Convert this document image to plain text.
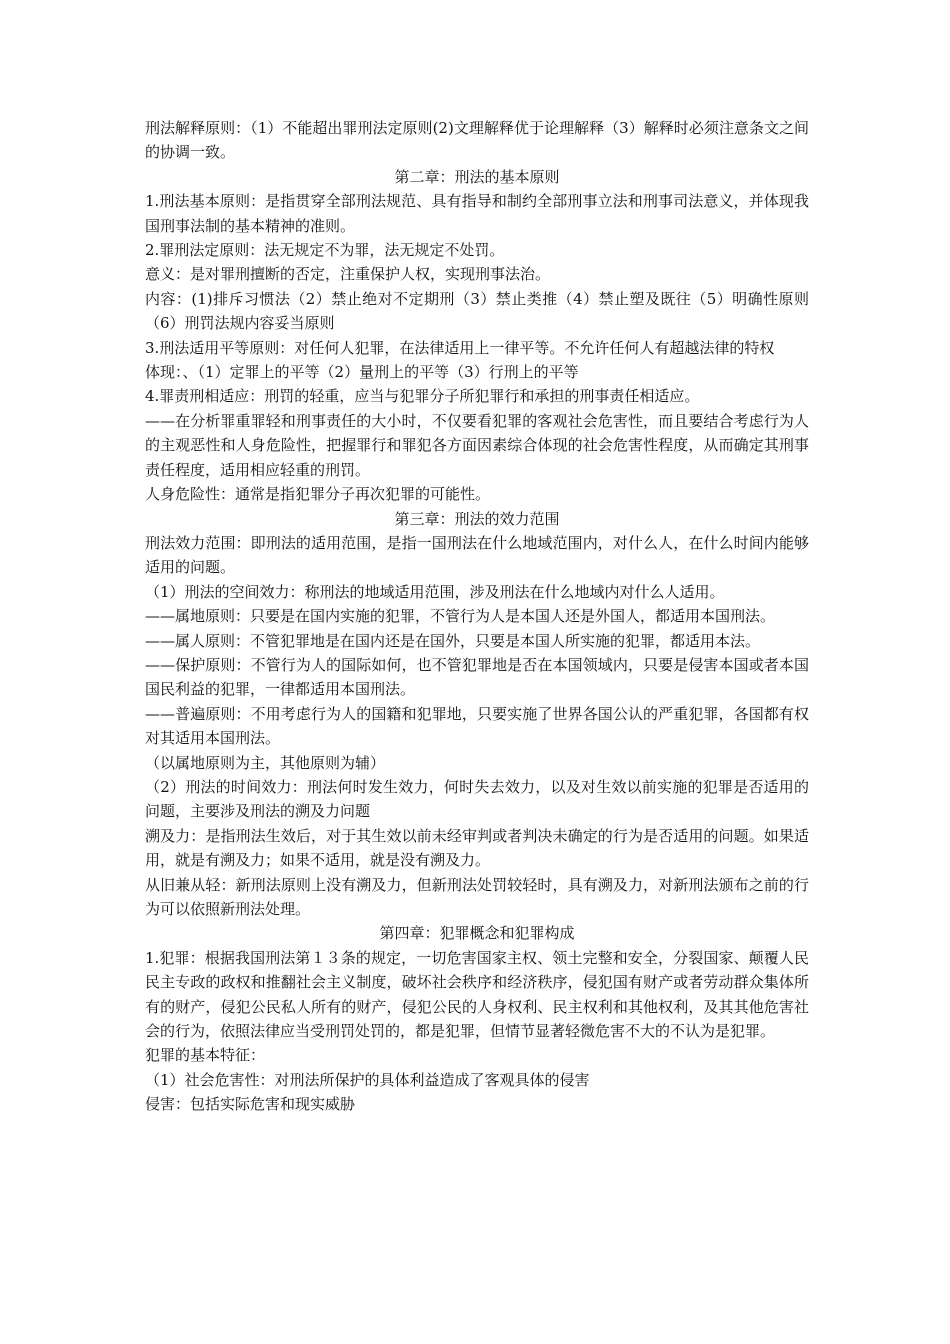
刑法解释原则：（1）不能超出罪刑法定原则(2)文理解释优于论理解释（3）解释时必须注意条文之间的协调一致。

第二章：刑法的基本原则

1.刑法基本原则：是指贯穿全部刑法规范、具有指导和制约全部刑事立法和刑事司法意义，并体现我国刑事法制的基本精神的准则。

2.罪刑法定原则：法无规定不为罪，法无规定不处罚。

意义：是对罪刑擅断的否定，注重保护人权，实现刑事法治。

内容：(1)排斥习惯法（2）禁止绝对不定期刑（3）禁止类推（4）禁止塑及既往（5）明确性原则（6）刑罚法规内容妥当原则

3.刑法适用平等原则：对任何人犯罪，在法律适用上一律平等。不允许任何人有超越法律的特权

体现：、（1）定罪上的平等（2）量刑上的平等（3）行刑上的平等

4.罪责刑相适应：刑罚的轻重，应当与犯罪分子所犯罪行和承担的刑事责任相适应。

——在分析罪重罪轻和刑事责任的大小时，不仅要看犯罪的客观社会危害性，而且要结合考虑行为人的主观恶性和人身危险性，把握罪行和罪犯各方面因素综合体现的社会危害性程度，从而确定其刑事责任程度，适用相应轻重的刑罚。

人身危险性：通常是指犯罪分子再次犯罪的可能性。

第三章：刑法的效力范围

刑法效力范围：即刑法的适用范围，是指一国刑法在什么地域范围内，对什么人，在什么时间内能够适用的问题。

（1）刑法的空间效力：称刑法的地域适用范围，涉及刑法在什么地域内对什么人适用。

——属地原则：只要是在国内实施的犯罪，不管行为人是本国人还是外国人，都适用本国刑法。

——属人原则：不管犯罪地是在国内还是在国外，只要是本国人所实施的犯罪，都适用本法。

——保护原则：不管行为人的国际如何，也不管犯罪地是否在本国领域内，只要是侵害本国或者本国国民利益的犯罪，一律都适用本国刑法。

——普遍原则：不用考虑行为人的国籍和犯罪地，只要实施了世界各国公认的严重犯罪，各国都有权对其适用本国刑法。

（以属地原则为主，其他原则为辅）

（2）刑法的时间效力：刑法何时发生效力，何时失去效力，以及对生效以前实施的犯罪是否适用的问题，主要涉及刑法的溯及力问题

溯及力：是指刑法生效后，对于其生效以前未经审判或者判决未确定的行为是否适用的问题。如果适用，就是有溯及力；如果不适用，就是没有溯及力。

从旧兼从轻：新刑法原则上没有溯及力，但新刑法处罚较轻时，具有溯及力，对新刑法颁布之前的行为可以依照新刑法处理。

第四章：犯罪概念和犯罪构成

1.犯罪：根据我国刑法第１３条的规定，一切危害国家主权、领土完整和安全，分裂国家、颠覆人民民主专政的政权和推翻社会主义制度，破坏社会秩序和经济秩序，侵犯国有财产或者劳动群众集体所有的财产，侵犯公民私人所有的财产，侵犯公民的人身权利、民主权利和其他权利，及其其他危害社会的行为，依照法律应当受刑罚处罚的，都是犯罪，但情节显著轻微危害不大的不认为是犯罪。

犯罪的基本特征：

（1）社会危害性：对刑法所保护的具体利益造成了客观具体的侵害

侵害：包括实际危害和现实威胁
